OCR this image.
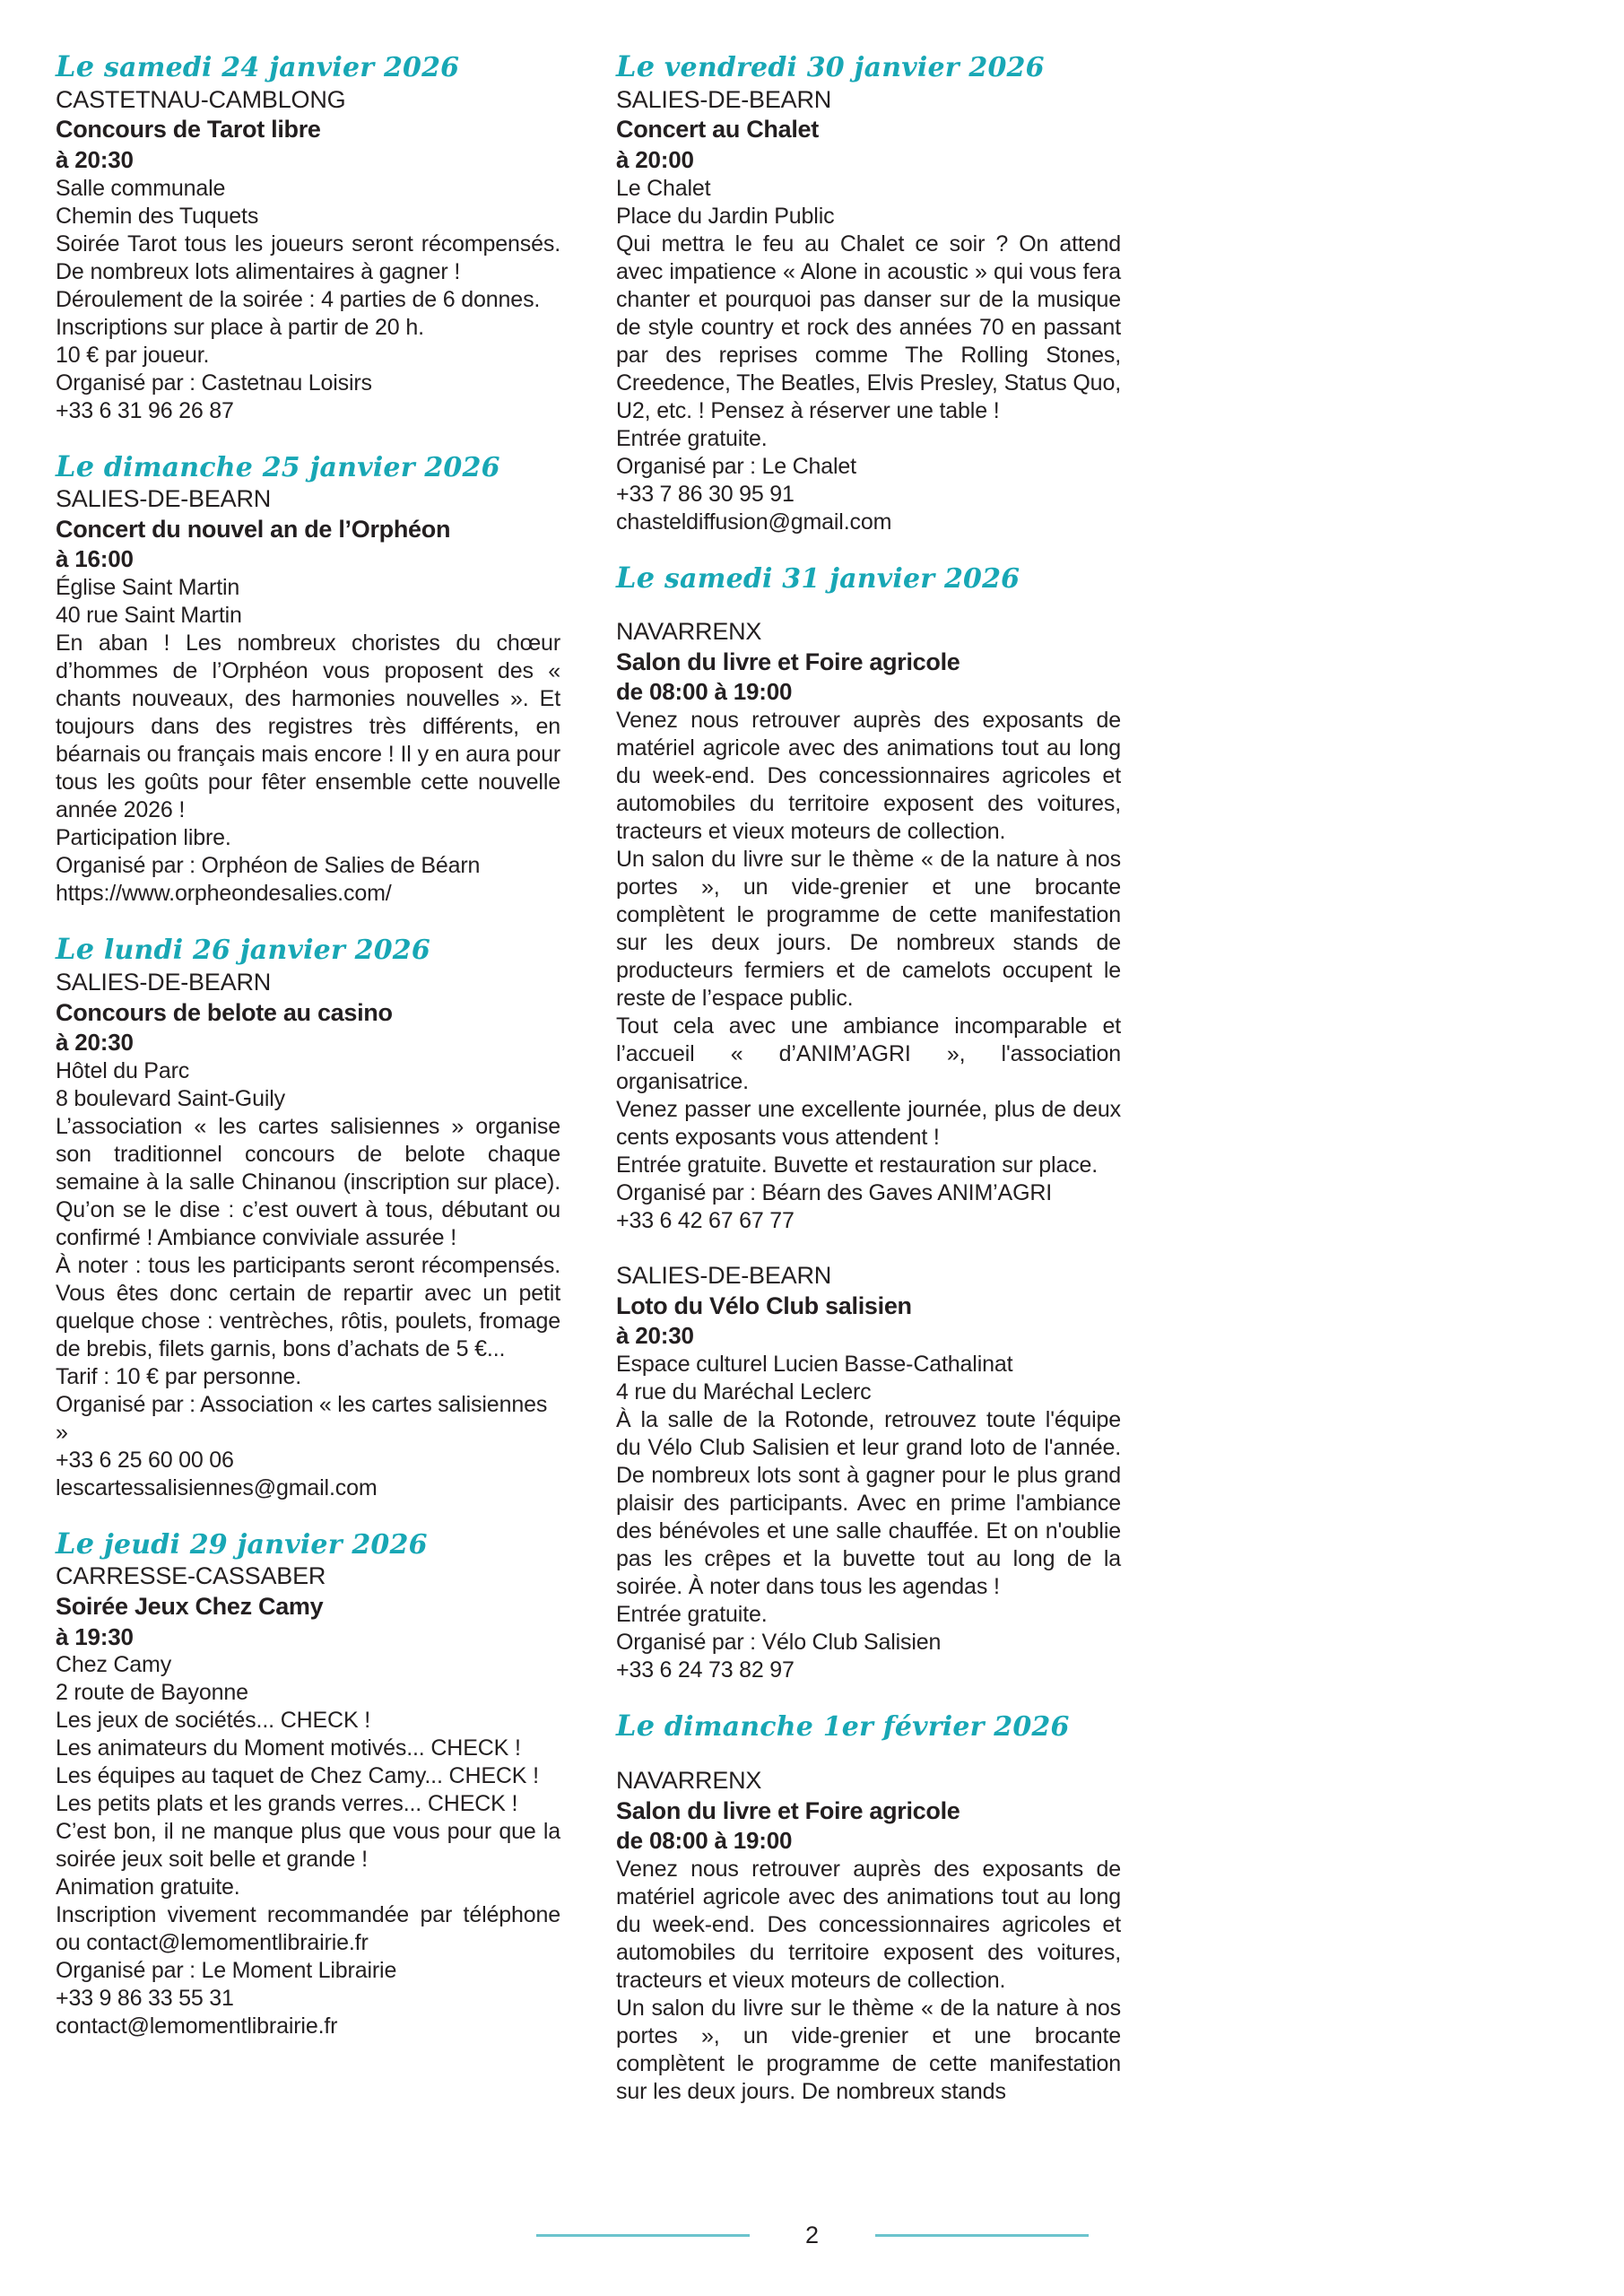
Le samedi 24 janvier 2026
CASTETNAU-CAMBLONG
Concours de Tarot libre
à 20:30
Salle communale
Chemin des Tuquets
Soirée Tarot tous les joueurs seront récompensés. De nombreux lots alimentaires à gagner !
Déroulement de la soirée : 4 parties de 6 donnes.
Inscriptions sur place à partir de 20 h.
10 € par joueur.
Organisé par : Castetnau Loisirs
+33 6 31 96 26 87
Le dimanche 25 janvier 2026
SALIES-DE-BEARN
Concert du nouvel an de l’Orphéon
à 16:00
Église Saint Martin
40 rue Saint Martin
En aban ! Les nombreux choristes du chœur d’hommes de l’Orphéon vous proposent des « chants nouveaux, des harmonies nouvelles ». Et toujours dans des registres très différents, en béarnais ou français mais encore ! Il y en aura pour tous les goûts pour fêter ensemble cette nouvelle année 2026 !
Participation libre.
Organisé par : Orphéon de Salies de Béarn
https://www.orpheondesalies.com/
Le lundi 26 janvier 2026
SALIES-DE-BEARN
Concours de belote au casino
à 20:30
Hôtel du Parc
8 boulevard Saint-Guily
L’association « les cartes salisiennes » organise son traditionnel concours de belote chaque semaine à la salle Chinanou (inscription sur place). Qu’on se le dise : c’est ouvert à tous, débutant ou confirmé ! Ambiance conviviale assurée !
À noter : tous les participants seront récompensés. Vous êtes donc certain de repartir avec un petit quelque chose : ventrèches, rôtis, poulets, fromage de brebis, filets garnis, bons d’achats de 5 €...
Tarif : 10 € par personne.
Organisé par : Association « les cartes salisiennes »
+33 6 25 60 00 06
lescartessalisiennes@gmail.com
Le jeudi 29 janvier 2026
CARRESSE-CASSABER
Soirée Jeux Chez Camy
à 19:30
Chez Camy
2 route de Bayonne
Les jeux de sociétés... CHECK !
Les animateurs du Moment motivés... CHECK !
Les équipes au taquet de Chez Camy... CHECK !
Les petits plats et les grands verres... CHECK !
C’est bon, il ne manque plus que vous pour que la soirée jeux soit belle et grande !
Animation gratuite.
Inscription vivement recommandée par téléphone ou contact@lemomentlibrairie.fr
Organisé par : Le Moment Librairie
+33 9 86 33 55 31
contact@lemomentlibrairie.fr
Le vendredi 30 janvier 2026
SALIES-DE-BEARN
Concert au Chalet
à 20:00
Le Chalet
Place du Jardin Public
Qui mettra le feu au Chalet ce soir ? On attend avec impatience « Alone in acoustic » qui vous fera chanter et pourquoi pas danser sur de la musique de style country et rock des années 70 en passant par des reprises comme The Rolling Stones, Creedence, The Beatles, Elvis Presley, Status Quo, U2, etc. ! Pensez à réserver une table !
Entrée gratuite.
Organisé par : Le Chalet
+33 7 86 30 95 91
chasteldiffusion@gmail.com
Le samedi 31 janvier 2026
NAVARRENX
Salon du livre et Foire agricole
de 08:00 à 19:00
Venez nous retrouver auprès des exposants de matériel agricole avec des animations tout au long du week-end. Des concessionnaires agricoles et automobiles du territoire exposent des voitures, tracteurs et vieux moteurs de collection.
Un salon du livre sur le thème « de la nature à nos portes », un vide-grenier et une brocante complètent le programme de cette manifestation sur les deux jours. De nombreux stands de producteurs fermiers et de camelots occupent le reste de l’espace public.
Tout cela avec une ambiance incomparable et l’accueil « d’ANIM’AGRI », l'association organisatrice.
Venez passer une excellente journée, plus de deux cents exposants vous attendent !
Entrée gratuite. Buvette et restauration sur place.
Organisé par : Béarn des Gaves ANIM’AGRI
+33 6 42 67 67 77
SALIES-DE-BEARN
Loto du Vélo Club salisien
à 20:30
Espace culturel Lucien Basse-Cathalinat
4 rue du Maréchal Leclerc
À la salle de la Rotonde, retrouvez toute l'équipe du Vélo Club Salisien et leur grand loto de l'année. De nombreux lots sont à gagner pour le plus grand plaisir des participants. Avec en prime l'ambiance des bénévoles et une salle chauffée. Et on n'oublie pas les crêpes et la buvette tout au long de la soirée. À noter dans tous les agendas !
Entrée gratuite.
Organisé par : Vélo Club Salisien
+33 6 24 73 82 97
Le dimanche 1er février 2026
NAVARRENX
Salon du livre et Foire agricole
de 08:00 à 19:00
Venez nous retrouver auprès des exposants de matériel agricole avec des animations tout au long du week-end. Des concessionnaires agricoles et automobiles du territoire exposent des voitures, tracteurs et vieux moteurs de collection.
Un salon du livre sur le thème « de la nature à nos portes », un vide-grenier et une brocante complètent le programme de cette manifestation sur les deux jours. De nombreux stands
2
